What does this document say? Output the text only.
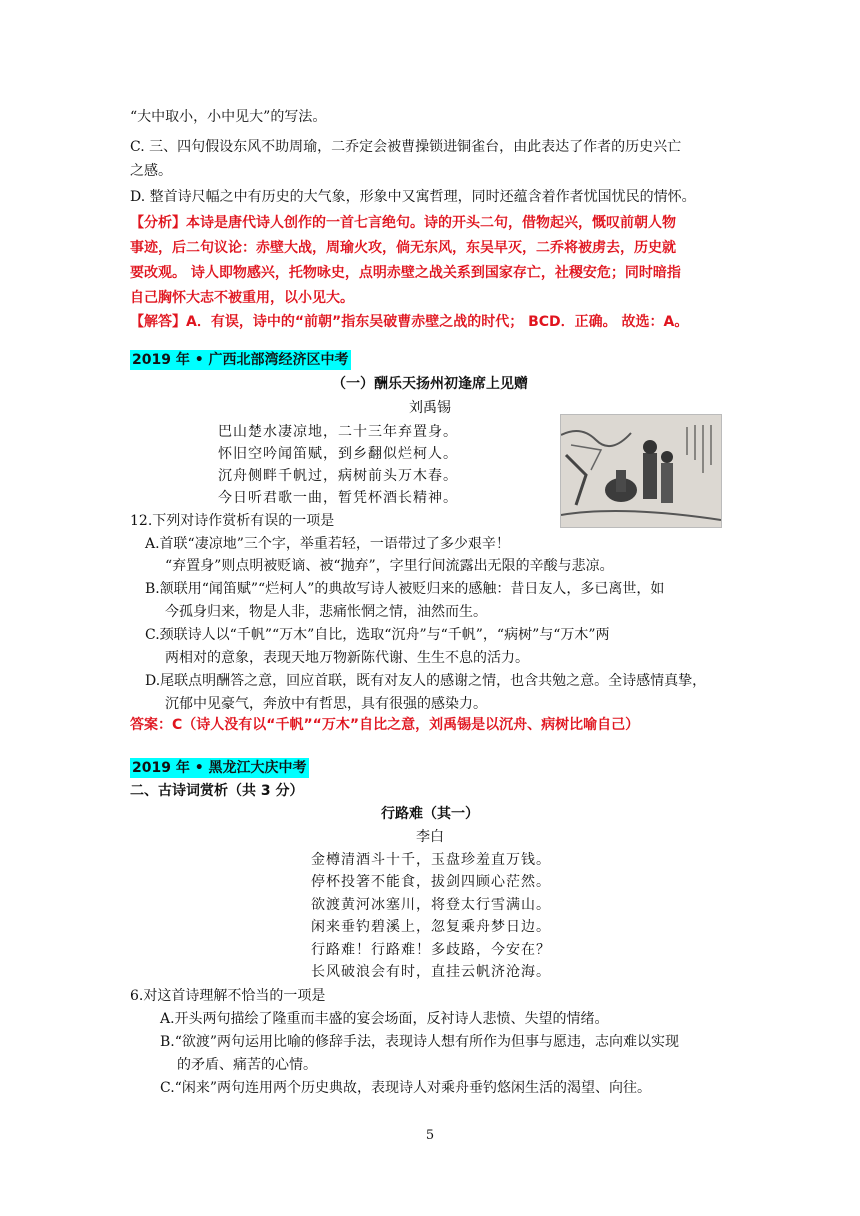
“大中取小，小中见大”的写法。
C. 三、四句假设东风不助周瑜，二乔定会被曹操锁进铜雀台，由此表达了作者的历史兴亡
之感。
D. 整首诗尺幅之中有历史的大气象，形象中又寓哲理，同时还蕴含着作者忧国忧民的情怀。
【分析】本诗是唐代诗人创作的一首七言绝句。诗的开头二句，借物起兴，慨叹前朝人物
事迹，后二句议论：赤壁大战，周瑜火攻，倘无东风，东吴早灭，二乔将被虏去，历史就
要改观。 诗人即物感兴，托物咏史，点明赤壁之战关系到国家存亡，社稷安危；同时暗指
自己胸怀大志不被重用，以小见大。
【解答】A．有误，诗中的“前朝”指东吴破曹赤壁之战的时代； BCD．正确。 故选：A。
2019 年 • 广西北部湾经济区中考
（一）酬乐天扬州初逢席上见赠
刘禹锡
巴山楚水凄凉地，二十三年弃置身。
怀旧空吟闻笛赋，到乡翻似烂柯人。
沉舟侧畔千帆过，病树前头万木春。
今日听君歌一曲，暂凭杯酒长精神。
12.下列对诗作赏析有误的一项是
A.首联“凄凉地”三个字，举重若轻，一语带过了多少艰辛！
“弃置身”则点明被贬谪、被“抛弃”，字里行间流露出无限的辛酸与悲凉。
B.颔联用“闻笛赋”“烂柯人”的典故写诗人被贬归来的感触：昔日友人，多已离世，如
今孤身归来，物是人非，悲痛怅惘之情，油然而生。
C.颈联诗人以“千帆”“万木”自比，选取“沉舟”与“千帆”，“病树”与“万木”两
两相对的意象，表现天地万物新陈代谢、生生不息的活力。
D.尾联点明酬答之意，回应首联，既有对友人的感谢之情，也含共勉之意。全诗感情真挚，
沉郁中见豪气，奔放中有哲思，具有很强的感染力。
答案：C（诗人没有以“千帆”“万木”自比之意，刘禹锡是以沉舟、病树比喻自己）
2019 年 • 黑龙江大庆中考
二、古诗词赏析（共 3 分）
行路难（其一）
李白
金樽清酒斗十千，玉盘珍羞直万钱。
停杯投箸不能食，拔剑四顾心茫然。
欲渡黄河冰塞川，将登太行雪满山。
闲来垂钓碧溪上，忽复乘舟梦日边。
行路难！行路难！多歧路，今安在？
长风破浪会有时，直挂云帆济沧海。
6.对这首诗理解不恰当的一项是
A.开头两句描绘了隆重而丰盛的宴会场面，反衬诗人悲愤、失望的情绪。
B.“欲渡”两句运用比喻的修辞手法，表现诗人想有所作为但事与愿违，志向难以实现
的矛盾、痛苦的心情。
C.“闲来”两句连用两个历史典故，表现诗人对乘舟垂钓悠闲生活的渴望、向往。
5
